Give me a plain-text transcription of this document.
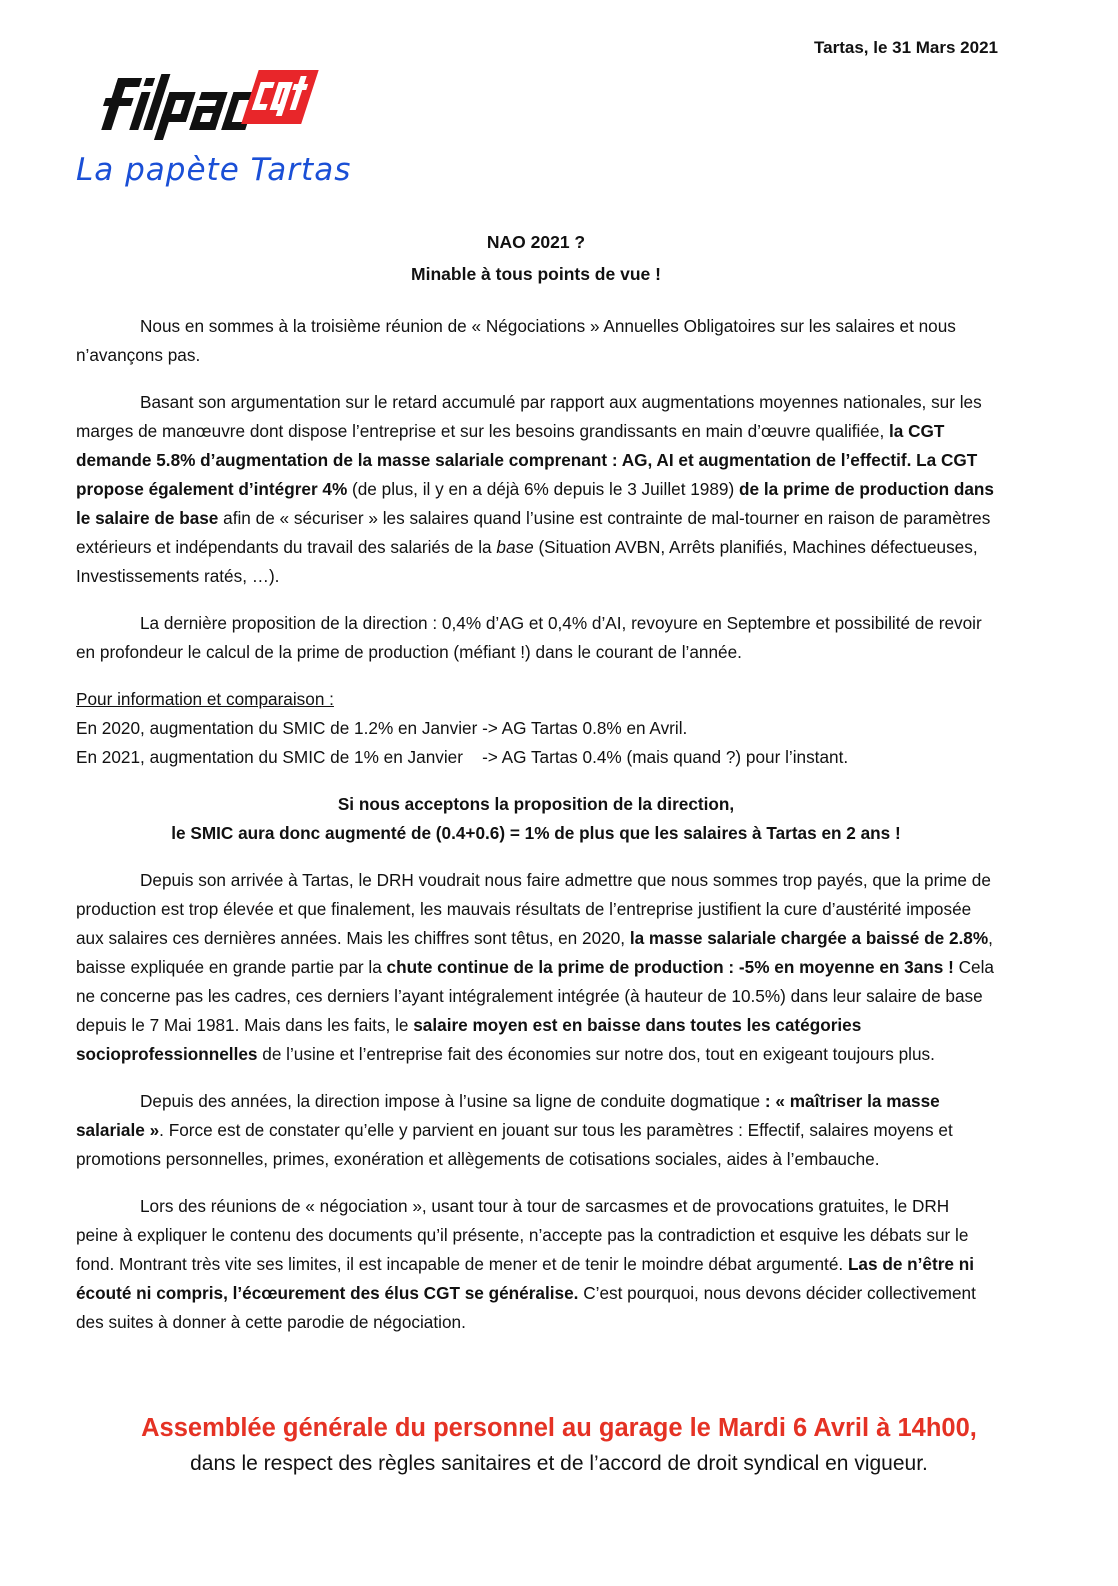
Tartas, le 31 Mars 2021
La papète Tartas
NAO 2021 ?
Minable à tous points de vue !

Nous en sommes à la troisième réunion de « Négociations » Annuelles Obligatoires sur les salaires et nous n’avançons pas.

Basant son argumentation sur le retard accumulé par rapport aux augmentations moyennes nationales, sur les marges de manœuvre dont dispose l’entreprise et sur les besoins grandissants en main d’œuvre qualifiée, la CGT demande 5.8% d’augmentation de la masse salariale comprenant : AG, AI et augmentation de l’effectif. La CGT propose également d’intégrer 4% (de plus, il y en a déjà 6% depuis le 3 Juillet 1989) de la prime de production dans le salaire de base afin de « sécuriser » les salaires quand l’usine est contrainte de mal-tourner en raison de paramètres extérieurs et indépendants du travail des salariés de la base (Situation AVBN, Arrêts planifiés, Machines défectueuses, Investissements ratés, …).

La dernière proposition de la direction : 0,4% d’AG et 0,4% d’AI, revoyure en Septembre et possibilité de revoir en profondeur le calcul de la prime de production (méfiant !) dans le courant de l’année.

Pour information et comparaison :
En 2020, augmentation du SMIC de 1.2% en Janvier -> AG Tartas 0.8% en Avril.
En 2021, augmentation du SMIC de 1% en Janvier    -> AG Tartas 0.4% (mais quand ?) pour l’instant.
Si nous acceptons la proposition de la direction,
le SMIC aura donc augmenté de (0.4+0.6) = 1% de plus que les salaires à Tartas en 2 ans !

Depuis son arrivée à Tartas, le DRH voudrait nous faire admettre que nous sommes trop payés, que la prime de production est trop élevée et que finalement, les mauvais résultats de l’entreprise justifient la cure d’austérité imposée aux salaires ces dernières années. Mais les chiffres sont têtus, en 2020, la masse salariale chargée a baissé de 2.8%, baisse expliquée en grande partie par la chute continue de la prime de production : -5% en moyenne en 3ans ! Cela ne concerne pas les cadres, ces derniers l’ayant intégralement intégrée (à hauteur de 10.5%) dans leur salaire de base depuis le 7 Mai 1981. Mais dans les faits, le salaire moyen est en baisse dans toutes les catégories socioprofessionnelles de l’usine et l’entreprise fait des économies sur notre dos, tout en exigeant toujours plus.

Depuis des années, la direction impose à l’usine sa ligne de conduite dogmatique : « maîtriser la masse salariale ». Force est de constater qu’elle y parvient en jouant sur tous les paramètres : Effectif, salaires moyens et promotions personnelles, primes, exonération et allègements de cotisations sociales, aides à l’embauche.

Lors des réunions de « négociation », usant tour à tour de sarcasmes et de provocations gratuites, le DRH peine à expliquer le contenu des documents qu’il présente, n’accepte pas la contradiction et esquive les débats sur le fond. Montrant très vite ses limites, il est incapable de mener et de tenir le moindre débat argumenté. Las de n’être ni écouté ni compris, l’écœurement des élus CGT se généralise. C’est pourquoi, nous devons décider collectivement des suites à donner à cette parodie de négociation.

Assemblée générale du personnel au garage le Mardi 6 Avril à 14h00,
dans le respect des règles sanitaires et de l’accord de droit syndical en vigueur.
